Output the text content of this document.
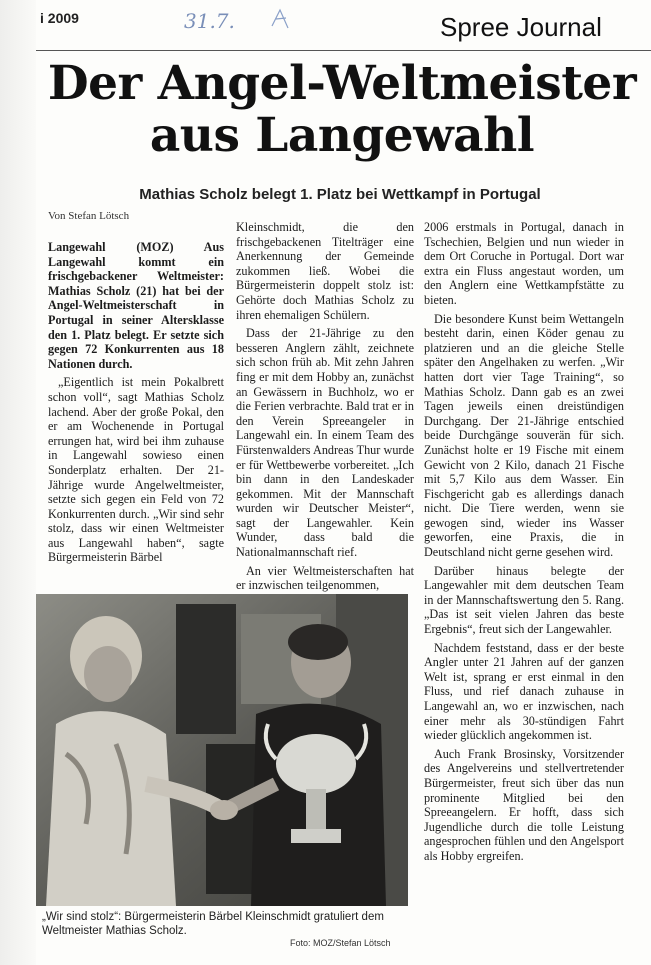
i 2009	31.7.	Spree Journal
Der Angel-Weltmeister
aus Langewahl
Mathias Scholz belegt 1. Platz bei Wettkampf in Portugal
Von Stefan Lötsch

Langewahl (MOZ) Aus Langewahl kommt ein frischgebackener Weltmeister: Mathias Scholz (21) hat bei der Angel-Weltmeisterschaft in Portugal in seiner Altersklasse den 1. Platz belegt. Er setzte sich gegen 72 Konkurrenten aus 18 Nationen durch.

„Eigentlich ist mein Pokalbrett schon voll“, sagt Mathias Scholz lachend. Aber der große Pokal, den er am Wochenende in Portugal errungen hat, wird bei ihm zuhause in Langewahl sowieso einen Sonderplatz erhalten. Der 21-Jährige wurde Angelweltmeister, setzte sich gegen ein Feld von 72 Konkurrenten durch. „Wir sind sehr stolz, dass wir einen Weltmeister aus Langewahl haben“, sagte Bürgermeisterin Bärbel

Kleinschmidt, die den frischgebackenen Titelträger eine Anerkennung der Gemeinde zukommen ließ. Wobei die Bürgermeisterin doppelt stolz ist: Gehörte doch Mathias Scholz zu ihren ehemaligen Schülern.

Dass der 21-Jährige zu den besseren Anglern zählt, zeichnete sich schon früh ab. Mit zehn Jahren fing er mit dem Hobby an, zunächst an Gewässern in Buchholz, wo er die Ferien verbrachte. Bald trat er in den Verein Spreeangeler in Langewahl ein. In einem Team des Fürstenwalders Andreas Thur wurde er für Wettbewerbe vorbereitet. „Ich bin dann in den Landeskader gekommen. Mit der Mannschaft wurden wir Deutscher Meister“, sagt der Langewahler. Kein Wunder, dass bald die Nationalmannschaft rief.

An vier Weltmeisterschaften hat er inzwischen teilgenommen,

2006 erstmals in Portugal, danach in Tschechien, Belgien und nun wieder in dem Ort Coruche in Portugal. Dort war extra ein Fluss angestaut worden, um den Anglern eine Wettkampfstätte zu bieten.

Die besondere Kunst beim Wettangeln besteht darin, einen Köder genau zu platzieren und an die gleiche Stelle später den Angelhaken zu werfen. „Wir hatten dort vier Tage Training“, so Mathias Scholz. Dann gab es an zwei Tagen jeweils einen dreistündigen Durchgang. Der 21-Jährige entschied beide Durchgänge souverän für sich. Zunächst holte er 19 Fische mit einem Gewicht von 2 Kilo, danach 21 Fische mit 5,7 Kilo aus dem Wasser. Ein Fischgericht gab es allerdings danach nicht. Die Tiere werden, wenn sie gewogen sind, wieder ins Wasser geworfen, eine Praxis, die in Deutschland nicht gerne gesehen wird.

Darüber hinaus belegte der Langewahler mit dem deutschen Team in der Mannschaftswertung den 5. Rang. „Das ist seit vielen Jahren das beste Ergebnis“, freut sich der Langewahler.

Nachdem feststand, dass er der beste Angler unter 21 Jahren auf der ganzen Welt ist, sprang er erst einmal in den Fluss, und rief danach zuhause in Langewahl an, wo er inzwischen, nach einer mehr als 30-stündigen Fahrt wieder glücklich angekommen ist.

Auch Frank Brosinsky, Vorsitzender des Angelvereins und stellvertretender Bürgermeister, freut sich über das nun prominente Mitglied bei den Spreeangelern. Er hofft, dass sich Jugendliche durch die tolle Leistung angesprochen fühlen und den Angelsport als Hobby ergreifen.

„Wir sind stolz“: Bürgermeisterin Bärbel Kleinschmidt gratuliert dem Weltmeister Mathias Scholz.
Foto: MOZ/Stefan Lötsch
